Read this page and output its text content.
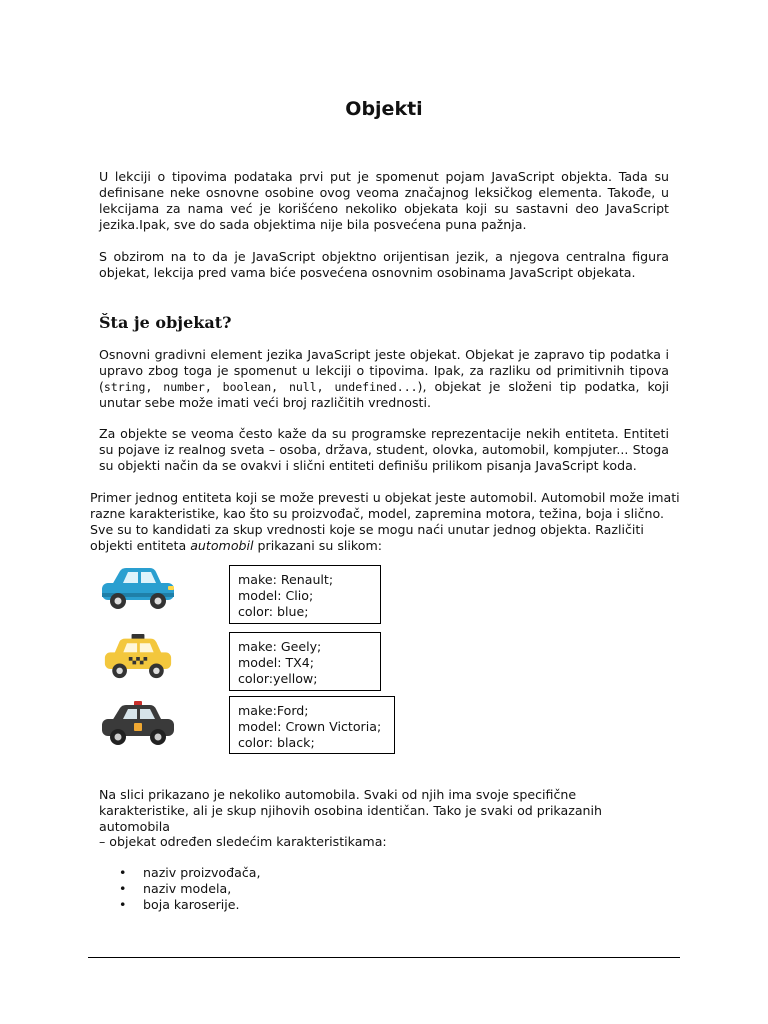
Objekti
U lekciji o tipovima podataka prvi put je spomenut pojam JavaScript objekta. Tada su definisane neke osnovne osobine ovog veoma značajnog leksičkog elementa. Takođe, u lekcijama za nama već je korišćeno nekoliko objekata koji su sastavni deo JavaScript jezika.Ipak, sve do sada objektima nije bila posvećena puna pažnja.
S obzirom na to da je JavaScript objektno orijentisan jezik, a njegova centralna figura objekat, lekcija pred vama biće posvećena osnovnim osobinama JavaScript objekata.
Šta je objekat?
Osnovni gradivni element jezika JavaScript jeste objekat. Objekat je zapravo tip podatka i upravo zbog toga je spomenut u lekciji o tipovima. Ipak, za razliku od primitivnih tipova (string, number, boolean, null, undefined...), objekat je složeni tip podatka, koji unutar sebe može imati veći broj različitih vrednosti.
Za objekte se veoma često kaže da su programske reprezentacije nekih entiteta. Entiteti su pojave iz realnog sveta – osoba, država, student, olovka, automobil, kompjuter... Stoga su objekti način da se ovakvi i slični entiteti definišu prilikom pisanja JavaScript koda.
Primer jednog entiteta koji se može prevesti u objekat jeste automobil. Automobil može imati razne karakteristike, kao što su proizvođač, model, zapremina motora, težina, boja i slično. Sve su to kandidati za skup vrednosti koje se mogu naći unutar jednog objekta. Različiti objekti entiteta automobil prikazani su slikom:
make: Renault;
model: Clio;
color: blue;
make: Geely;
model: TX4;
color:yellow;
make:Ford;
model: Crown Victoria;
color: black;
Na slici prikazano je nekoliko automobila. Svaki od njih ima svoje specifične karakteristike, ali je skup njihovih osobina identičan. Tako je svaki od prikazanih automobila
– objekat određen sledećim karakteristikama:
• naziv proizvođača,
• naziv modela,
• boja karoserije.
